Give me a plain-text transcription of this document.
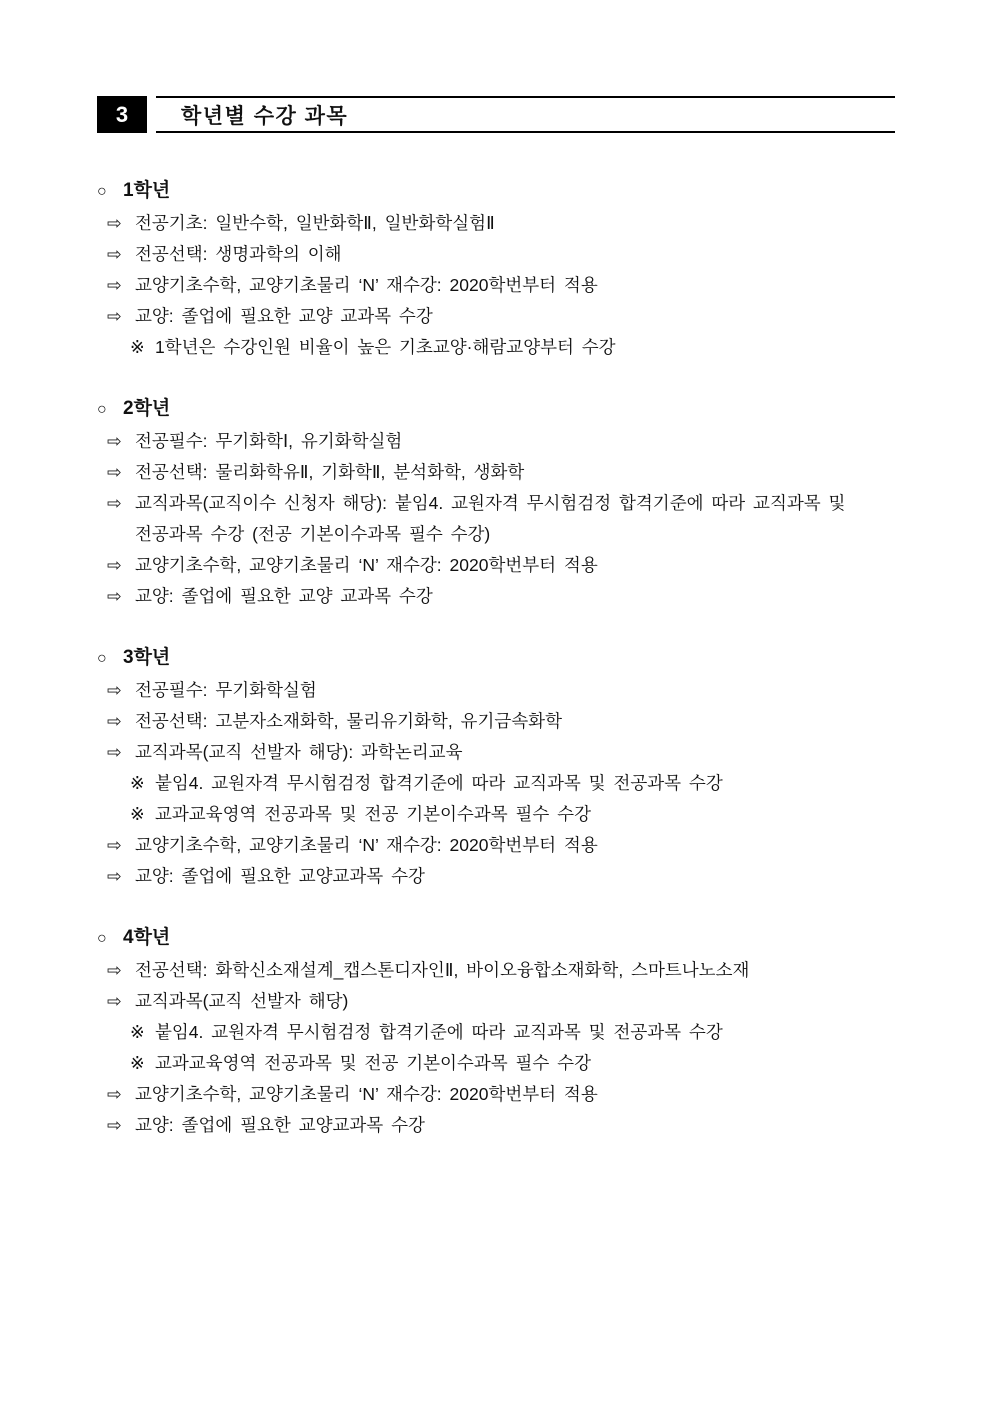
3	학년별 수강 과목
○ 1학년
⇨ 전공기초: 일반수학, 일반화학Ⅱ, 일반화학실험Ⅱ
⇨ 전공선택: 생명과학의 이해
⇨ 교양기초수학, 교양기초물리 ‘N’ 재수강: 2020학번부터 적용
⇨ 교양: 졸업에 필요한 교양 교과목 수강
※ 1학년은 수강인원 비율이 높은 기초교양·해람교양부터 수강
○ 2학년
⇨ 전공필수: 무기화학Ⅰ, 유기화학실험
⇨ 전공선택: 물리화학유Ⅱ, 기화학Ⅱ, 분석화학, 생화학
⇨ 교직과목(교직이수 신청자 해당): 붙임4. 교원자격 무시험검정 합격기준에 따라 교직과목 및 전공과목 수강 (전공 기본이수과목 필수 수강)
⇨ 교양기초수학, 교양기초물리 ‘N’ 재수강: 2020학번부터 적용
⇨ 교양: 졸업에 필요한 교양 교과목 수강
○ 3학년
⇨ 전공필수: 무기화학실험
⇨ 전공선택: 고분자소재화학, 물리유기화학, 유기금속화학
⇨ 교직과목(교직 선발자 해당): 과학논리교육
※ 붙임4. 교원자격 무시험검정 합격기준에 따라 교직과목 및 전공과목 수강
※ 교과교육영역 전공과목 및 전공 기본이수과목 필수 수강
⇨ 교양기초수학, 교양기초물리 ‘N’ 재수강: 2020학번부터 적용
⇨ 교양: 졸업에 필요한 교양교과목 수강
○ 4학년
⇨ 전공선택: 화학신소재설계_캡스톤디자인Ⅱ, 바이오융합소재화학, 스마트나노소재
⇨ 교직과목(교직 선발자 해당)
※ 붙임4. 교원자격 무시험검정 합격기준에 따라 교직과목 및 전공과목 수강
※ 교과교육영역 전공과목 및 전공 기본이수과목 필수 수강
⇨ 교양기초수학, 교양기초물리 ‘N’ 재수강: 2020학번부터 적용
⇨ 교양: 졸업에 필요한 교양교과목 수강
